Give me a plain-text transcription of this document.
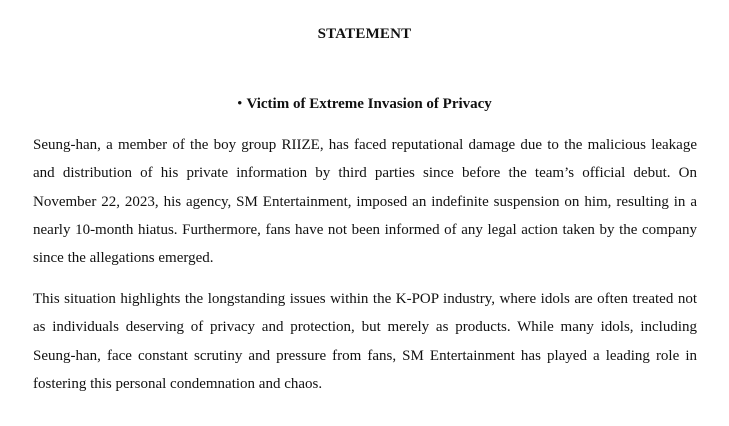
STATEMENT
• Victim of Extreme Invasion of Privacy

Seung-han, a member of the boy group RIIZE, has faced reputational damage due to the malicious leakage and distribution of his private information by third parties since before the team’s official debut. On November 22, 2023, his agency, SM Entertainment, imposed an indefinite suspension on him, resulting in a nearly 10-month hiatus. Furthermore, fans have not been informed of any legal action taken by the company since the allegations emerged.

This situation highlights the longstanding issues within the K-POP industry, where idols are often treated not as individuals deserving of privacy and protection, but merely as products. While many idols, including Seung-han, face constant scrutiny and pressure from fans, SM Entertainment has played a leading role in fostering this personal condemnation and chaos.
